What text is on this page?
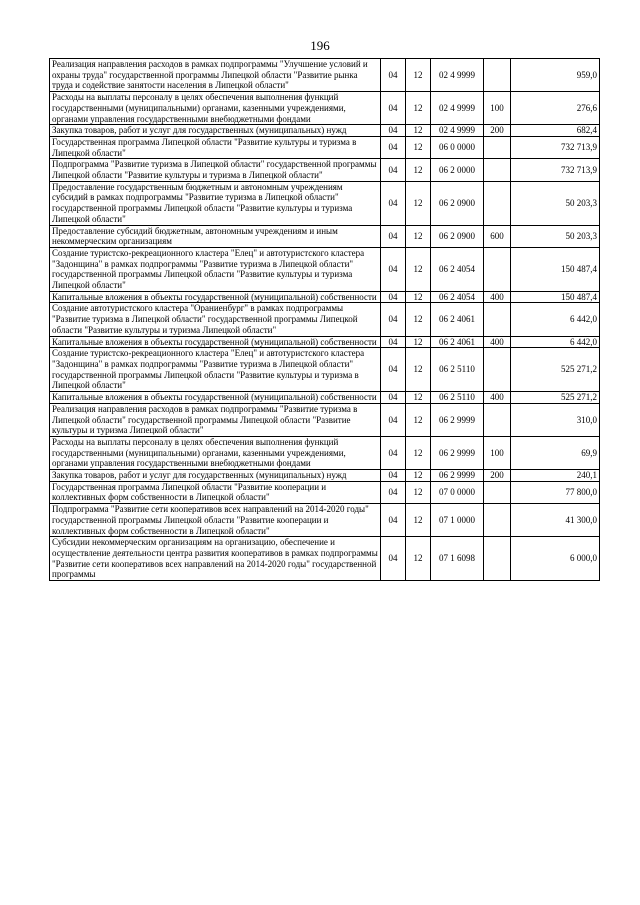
196
Реализация направления расходов в рамках подпрограммы "Улучшение условий и охраны труда" государственной программы Липецкой области "Развитие рынка труда и содействие занятости населения в Липецкой области"	04	12	02 4 9999		959,0
Расходы на выплаты персоналу в целях обеспечения выполнения функций государственными (муниципальными) органами, казенными учреждениями, органами управления государственными внебюджетными фондами	04	12	02 4 9999	100	276,6
Закупка товаров, работ и услуг для государственных (муниципальных) нужд	04	12	02 4 9999	200	682,4
Государственная программа Липецкой области "Развитие культуры и туризма в Липецкой области"	04	12	06 0 0000		732 713,9
Подпрограмма "Развитие туризма в Липецкой области" государственной программы Липецкой области "Развитие культуры и туризма в Липецкой области"	04	12	06 2 0000		732 713,9
Предоставление государственным бюджетным и автономным учреждениям субсидий в рамках подпрограммы "Развитие туризма в Липецкой области" государственной программы Липецкой области "Развитие культуры и туризма Липецкой области"	04	12	06 2 0900		50 203,3
Предоставление субсидий бюджетным, автономным учреждениям и иным некоммерческим организациям	04	12	06 2 0900	600	50 203,3
Создание туристско-рекреационного кластера "Елец" и автотуристского кластера "Задонщина" в рамках подпрограммы "Развитие туризма в Липецкой области" государственной программы Липецкой области "Развитие культуры и туризма Липецкой области"	04	12	06 2 4054		150 487,4
Капитальные вложения в объекты государственной (муниципальной) собственности	04	12	06 2 4054	400	150 487,4
Создание автотуристского кластера "Ораниенбург" в рамках подпрограммы "Развитие туризма в Липецкой области" государственной программы Липецкой области "Развитие культуры и туризма Липецкой области"	04	12	06 2 4061		6 442,0
Капитальные вложения в объекты государственной (муниципальной) собственности	04	12	06 2 4061	400	6 442,0
Создание туристско-рекреационного кластера "Елец" и автотуристского кластера "Задонщина" в рамках подпрограммы "Развитие туризма в Липецкой области" государственной программы Липецкой области "Развитие культуры и туризма в Липецкой области"	04	12	06 2 5110		525 271,2
Капитальные вложения в объекты государственной (муниципальной) собственности	04	12	06 2 5110	400	525 271,2
Реализация направления расходов в рамках подпрограммы "Развитие туризма в Липецкой области" государственной программы Липецкой области "Развитие культуры и туризма Липецкой области"	04	12	06 2 9999		310,0
Расходы на выплаты персоналу в целях обеспечения выполнения функций государственными (муниципальными) органами, казенными учреждениями, органами управления государственными внебюджетными фондами	04	12	06 2 9999	100	69,9
Закупка товаров, работ и услуг для государственных (муниципальных) нужд	04	12	06 2 9999	200	240,1
Государственная программа Липецкой области "Развитие кооперации и коллективных форм собственности в Липецкой области"	04	12	07 0 0000		77 800,0
Подпрограмма "Развитие сети кооперативов всех направлений на 2014-2020 годы" государственной программы Липецкой области "Развитие кооперации и коллективных форм собственности в Липецкой области"	04	12	07 1 0000		41 300,0
Субсидии некоммерческим организациям на организацию, обеспечение и осуществление деятельности центра развития кооперативов в рамках подпрограммы "Развитие сети кооперативов всех направлений на 2014-2020 годы" государственной программы	04	12	07 1 6098		6 000,0
